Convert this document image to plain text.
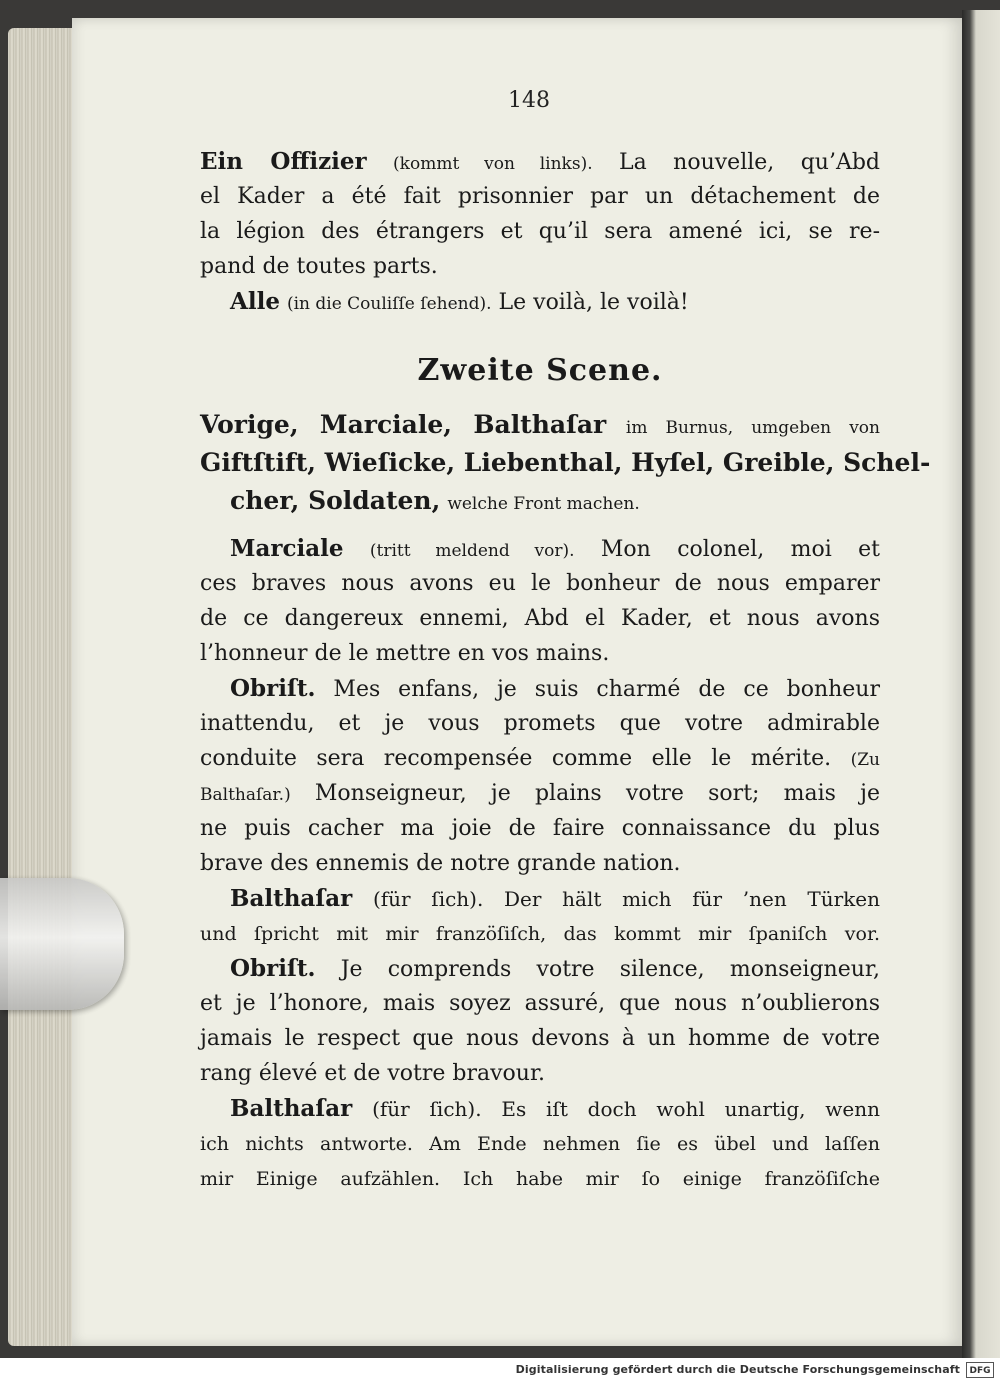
148
Ein Offizier (kommt von links). La nouvelle, qu’Abd
el Kader a été fait prisonnier par un détachement de
la légion des étrangers et qu’il sera amené ici, se re-
pand de toutes parts.
Alle (in die Couliſſe ſehend). Le voilà, le voilà!
Zweite Scene.
Vorige, Marciale, Balthaſar im Burnus, umgeben von
Giftſtift, Wieſicke, Liebenthal, Hyſel, Greible, Schel-
cher, Soldaten, welche Front machen.
Marciale (tritt meldend vor). Mon colonel, moi et
ces braves nous avons eu le bonheur de nous emparer
de ce dangereux ennemi, Abd el Kader, et nous avons
l’honneur de le mettre en vos mains.
Obriſt. Mes enfans, je suis charmé de ce bonheur
inattendu, et je vous promets que votre admirable
conduite sera recompensée comme elle le mérite. (Zu
Balthaſar.) Monseigneur, je plains votre sort; mais je
ne puis cacher ma joie de faire connaissance du plus
brave des ennemis de notre grande nation.
Balthaſar (für ſich). Der hält mich für ’nen Türken
und ſpricht mit mir franzöſiſch, das kommt mir ſpaniſch vor.
Obriſt. Je comprends votre silence, monseigneur,
et je l’honore, mais soyez assuré, que nous n’oublierons
jamais le respect que nous devons à un homme de votre
rang élevé et de votre bravour.
Balthaſar (für ſich). Es iſt doch wohl unartig, wenn
ich nichts antworte. Am Ende nehmen ſie es übel und laſſen
mir Einige aufzählen. Ich habe mir ſo einige franzöſiſche
Digitalisierung gefördert durch die Deutsche Forschungsgemeinschaft	DFG
